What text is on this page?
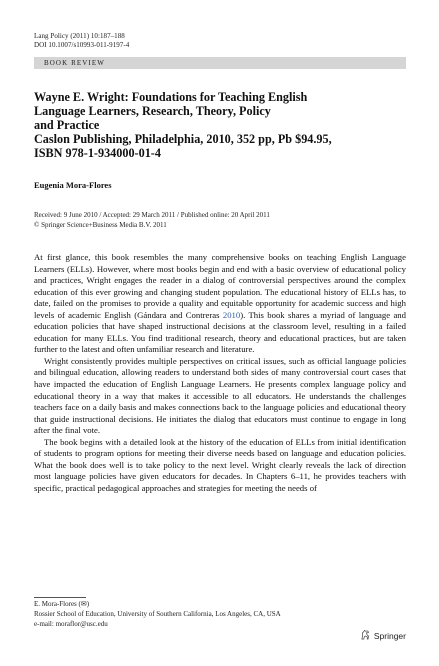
Lang Policy (2011) 10:187–188
DOI 10.1007/s10993-011-9197-4
BOOK REVIEW
Wayne E. Wright: Foundations for Teaching English
Language Learners, Research, Theory, Policy
and Practice
Caslon Publishing, Philadelphia, 2010, 352 pp, Pb $94.95,
ISBN 978-1-934000-01-4
Eugenia Mora-Flores
Received: 9 June 2010 / Accepted: 29 March 2011 / Published online: 20 April 2011
© Springer Science+Business Media B.V. 2011

At first glance, this book resembles the many comprehensive books on teaching English Language Learners (ELLs). However, where most books begin and end with a basic overview of educational policy and practices, Wright engages the reader in a dialog of controversial perspectives around the complex education of this ever growing and changing student population. The educational history of ELLs has, to date, failed on the promises to provide a quality and equitable opportunity for academic success and high levels of academic English (Gándara and Contreras 2010). This book shares a myriad of language and education policies that have shaped instructional decisions at the classroom level, resulting in a failed education for many ELLs. You find traditional research, theory and educational practices, but are taken further to the latest and often unfamiliar research and literature.

Wright consistently provides multiple perspectives on critical issues, such as official language policies and bilingual education, allowing readers to understand both sides of many controversial court cases that have impacted the education of English Language Learners. He presents complex language policy and educational theory in a way that makes it accessible to all educators. He understands the challenges teachers face on a daily basis and makes connections back to the language policies and educational theory that guide instructional decisions. He initiates the dialog that educators must continue to engage in long after the final vote.

The book begins with a detailed look at the history of the education of ELLs from initial identification of students to program options for meeting their diverse needs based on language and education policies. What the book does well is to take policy to the next level. Wright clearly reveals the lack of direction most language policies have given educators for decades. In Chapters 6–11, he provides teachers with specific, practical pedagogical approaches and strategies for meeting the needs of

E. Mora-Flores (✉)
Rossier School of Education, University of Southern California, Los Angeles, CA, USA
e-mail: moraflor@usc.edu
Springer
